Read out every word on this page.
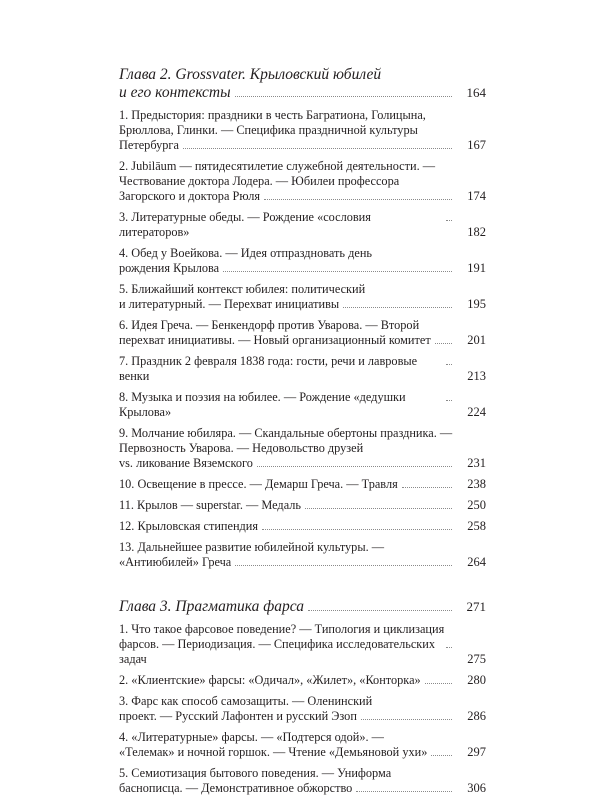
Глава 2. Grossvater. Крыловский юбилей
и его контексты	164
1. Предыстория: праздники в честь Багратиона, Голицына,
Брюллова, Глинки. — Специфика праздничной культуры
Петербурга	167
2. Jubilāum — пятидесятилетие служебной деятельности. —
Чествование доктора Лодера. — Юбилеи профессора
Загорского и доктора Рюля	174
3. Литературные обеды. — Рождение «сословия литераторов»	182
4. Обед у Воейкова. — Идея отпраздновать день
рождения Крылова	191
5. Ближайший контекст юбилея: политический
и литературный. — Перехват инициативы	195
6. Идея Греча. — Бенкендорф против Уварова. — Второй
перехват инициативы. — Новый организационный комитет	201
7. Праздник 2 февраля 1838 года: гости, речи и лавровые венки	213
8. Музыка и поэзия на юбилее. — Рождение «дедушки Крылова»	224
9. Молчание юбиляра. — Скандальные обертоны праздника. —
Первозность Уварова. — Недовольство друзей
vs. ликование Вяземского	231
10. Освещение в прессе. — Демарш Греча. — Травля	238
11. Крылов — superstar. — Медаль	250
12. Крыловская стипендия	258
13. Дальнейшее развитие юбилейной культуры. —
«Антиюбилей» Греча	264
Глава 3. Прагматика фарса	271
1. Что такое фарсовое поведение? — Типология и циклизация
фарсов. — Периодизация. — Специфика исследовательских задач	275
2. «Клиентские» фарсы: «Одичал», «Жилет», «Конторка»	280
3. Фарс как способ самозащиты. — Оленинский
проект. — Русский Лафонтен и русский Эзоп	286
4. «Литературные» фарсы. — «Подтерся одой». —
«Телемак» и ночной горшок. — Чтение «Демьяновой ухи»	297
5. Семиотизация бытового поведения. — Униформа
баснописца. — Демонстративное обжорство	306
